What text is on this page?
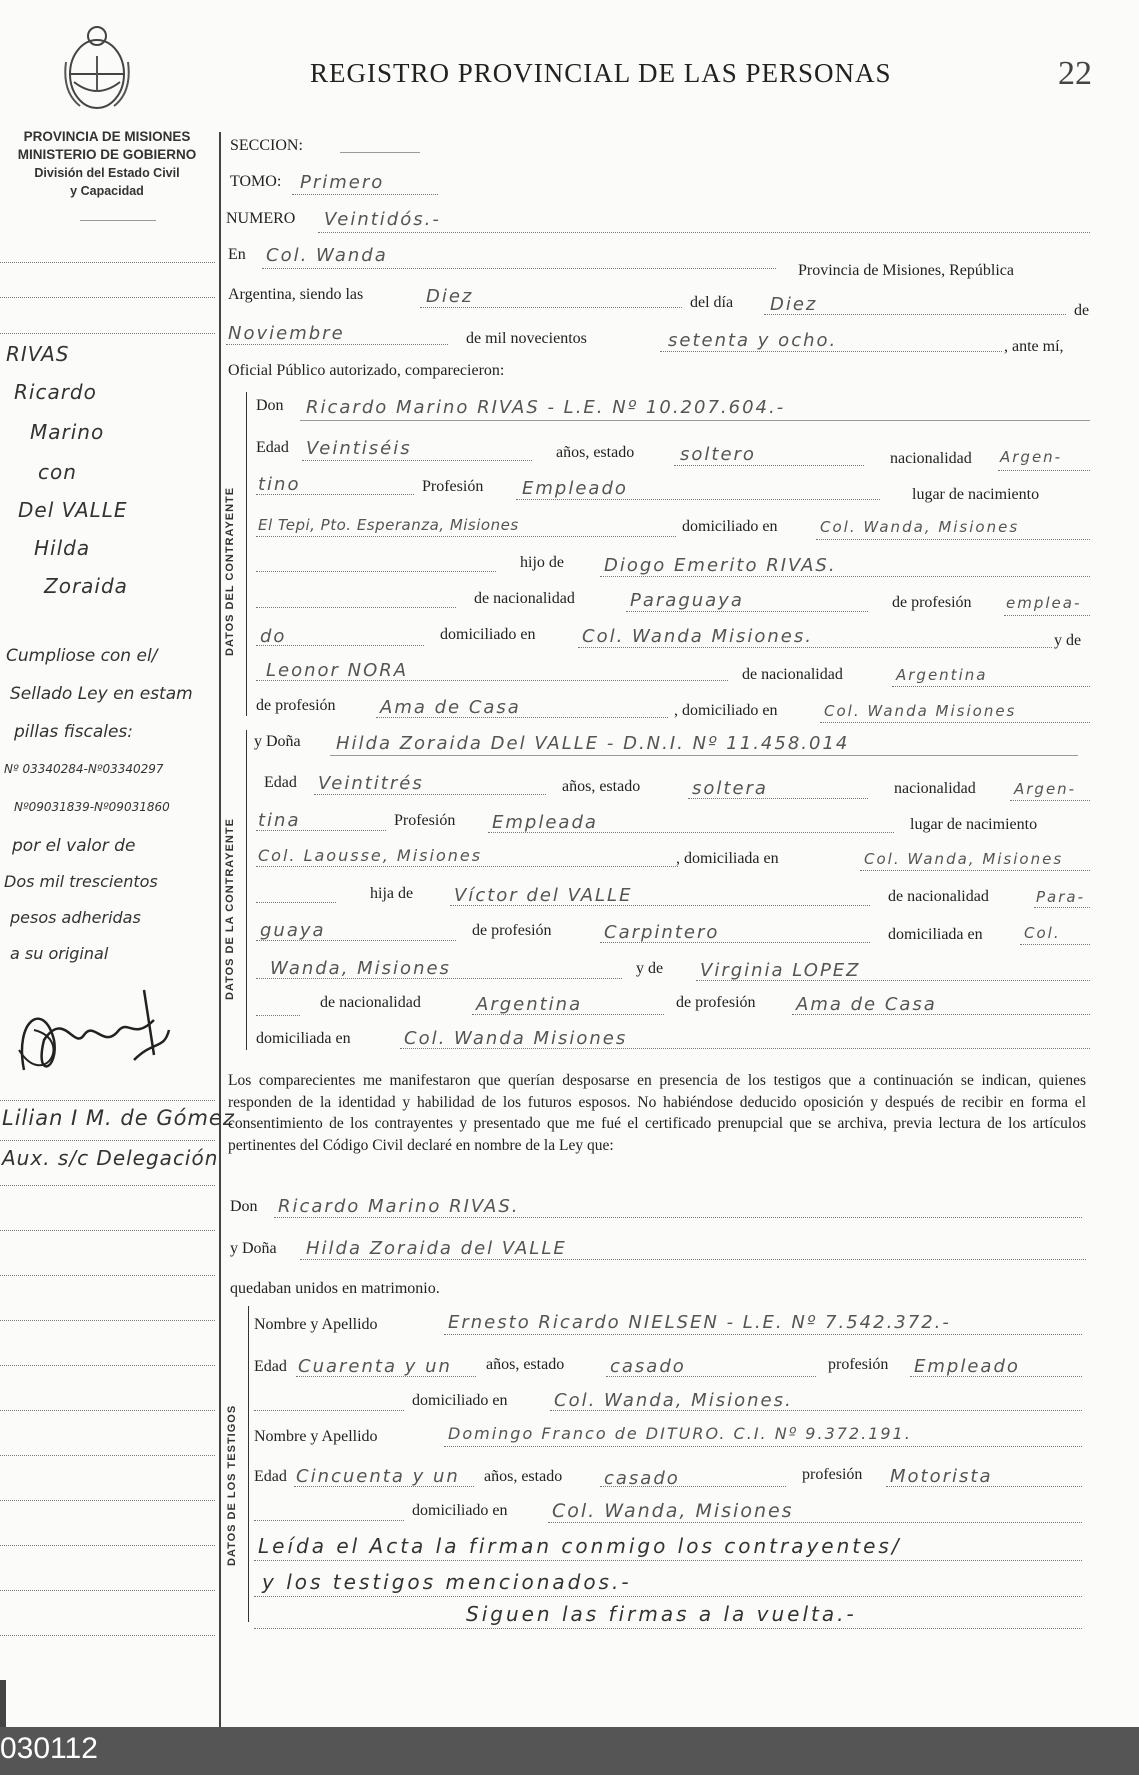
REGISTRO PROVINCIAL DE LAS PERSONAS	22
PROVINCIA DE MISIONES
MINISTERIO DE GOBIERNO
División del Estado Civil
y Capacidad
RIVAS
Ricardo
Marino
con
Del VALLE
Hilda
Zoraida
Cumpliose con el/
Sellado Ley en estam
pillas fiscales:
Nº 03340284-Nº03340297
Nº09031839-Nº09031860
por el valor de
Dos mil trescientos
pesos adheridas
a su original
Lilian I M. de Gómez
Aux. s/c Delegación
SECCION:
TOMO: Primero
NUMERO Veintidós.-
En Col. Wanda
Provincia de Misiones, República
Argentina, siendo las	Diez	del día Diez	de
Noviembre	de mil novecientos	setenta y ocho.	, ante mí,
Oficial Público autorizado, comparecieron:
DATOS DEL CONTRAYENTE
Don Ricardo Marino RIVAS - L.E. Nº 10.207.604.-
Edad Veintiséis	años, estado	soltero	nacionalidad Argen-
tino	Profesión Empleado	lugar de nacimiento
El Tepi, Pto. Esperanza, Misiones	domiciliado en	Col. Wanda, Misiones
hijo de Diogo Emerito RIVAS.
de nacionalidad	Paraguaya	de profesión emplea-
do	domiciliado en	Col. Wanda Misiones.	y de
Leonor NORA	de nacionalidad	Argentina
de profesión Ama de Casa	, domiciliado en	Col. Wanda Misiones
DATOS DE LA CONTRAYENTE
y Doña Hilda Zoraida Del VALLE - D.N.I. Nº 11.458.014
Edad Veintitrés	años, estado	soltera	nacionalidad	Argen-
tina	Profesión Empleada	lugar de nacimiento
Col. Laousse, Misiones	, domiciliada en	Col. Wanda, Misiones
hija de Víctor del VALLE	de nacionalidad	Para-
guaya	de profesión	Carpintero	domiciliada en	Col.
Wanda, Misiones	y de Virginia LOPEZ
de nacionalidad	Argentina	de profesión Ama de Casa
domiciliada en	Col. Wanda Misiones
Los comparecientes me manifestaron que querían desposarse en presencia de los testigos que a continuación se indican, quienes responden de la identidad y habilidad de los futuros esposos. No habiéndose deducido oposición y después de recibir en forma el consentimiento de los contrayentes y presentado que me fué el certificado prenupcial que se archiva, previa lectura de los artículos pertinentes del Código Civil declaré en nombre de la Ley que:
Don Ricardo Marino RIVAS.
y Doña Hilda Zoraida del VALLE
quedaban unidos en matrimonio.
DATOS DE LOS TESTIGOS
Nombre y Apellido	Ernesto Ricardo NIELSEN - L.E. Nº 7.542.372.-
Edad Cuarenta y un años, estado	casado	profesión Empleado
domiciliado en	Col. Wanda, Misiones.
Nombre y Apellido	Domingo Franco de DITURO. C.I. Nº 9.372.191.
Edad Cincuenta y un años, estado casado	profesión Motorista
domiciliado en Col. Wanda, Misiones
Leída el Acta la firman conmigo los contrayentes/
y los testigos mencionados.-
Siguen las firmas a la vuelta.-
030112
